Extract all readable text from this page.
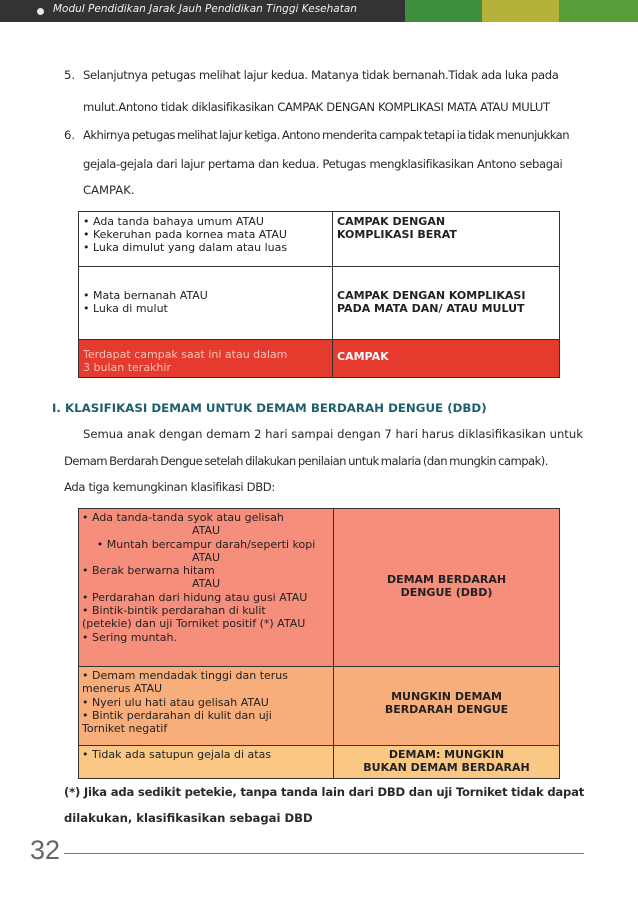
Modul Pendidikan Jarak Jauh Pendidikan Tinggi Kesehatan
5. Selanjutnya petugas melihat lajur kedua. Matanya tidak bernanah.Tidak ada luka pada
mulut.Antono tidak diklasifikasikan CAMPAK DENGAN KOMPLIKASI MATA ATAU MULUT
6. Akhirnya petugas melihat lajur ketiga. Antono menderita campak tetapi ia tidak menunjukkan
gejala-gejala dari lajur pertama dan kedua. Petugas mengklasifikasikan Antono sebagai
CAMPAK.
• Ada tanda bahaya umum ATAU
• Kekeruhan pada kornea mata ATAU
• Luka dimulut yang dalam atau luas
CAMPAK DENGAN
KOMPLIKASI BERAT
• Mata bernanah ATAU
• Luka di mulut
CAMPAK DENGAN KOMPLIKASI
PADA MATA DAN/ ATAU MULUT
Terdapat campak saat ini atau dalam
3 bulan terakhir
CAMPAK
I. KLASIFIKASI DEMAM UNTUK DEMAM BERDARAH DENGUE (DBD)
Semua anak dengan demam 2 hari sampai dengan 7 hari harus diklasifikasikan untuk
Demam Berdarah Dengue setelah dilakukan penilaian untuk malaria (dan mungkin campak).
Ada tiga kemungkinan klasifikasi DBD:
• Ada tanda-tanda syok atau gelisah
ATAU
• Muntah bercampur darah/seperti kopi
ATAU
• Berak berwarna hitam
ATAU
• Perdarahan dari hidung atau gusi ATAU
• Bintik-bintik perdarahan di kulit
(petekie) dan uji Torniket positif (*) ATAU
• Sering muntah.
DEMAM BERDARAH
DENGUE (DBD)
• Demam mendadak tinggi dan terus
menerus ATAU
• Nyeri ulu hati atau gelisah ATAU
• Bintik perdarahan di kulit dan uji
Torniket negatif
MUNGKIN DEMAM
BERDARAH DENGUE
• Tidak ada satupun gejala di atas	DEMAM: MUNGKIN
BUKAN DEMAM BERDARAH
(*) Jika ada sedikit petekie, tanpa tanda lain dari DBD dan uji Torniket tidak dapat
dilakukan, klasifikasikan sebagai DBD
32
